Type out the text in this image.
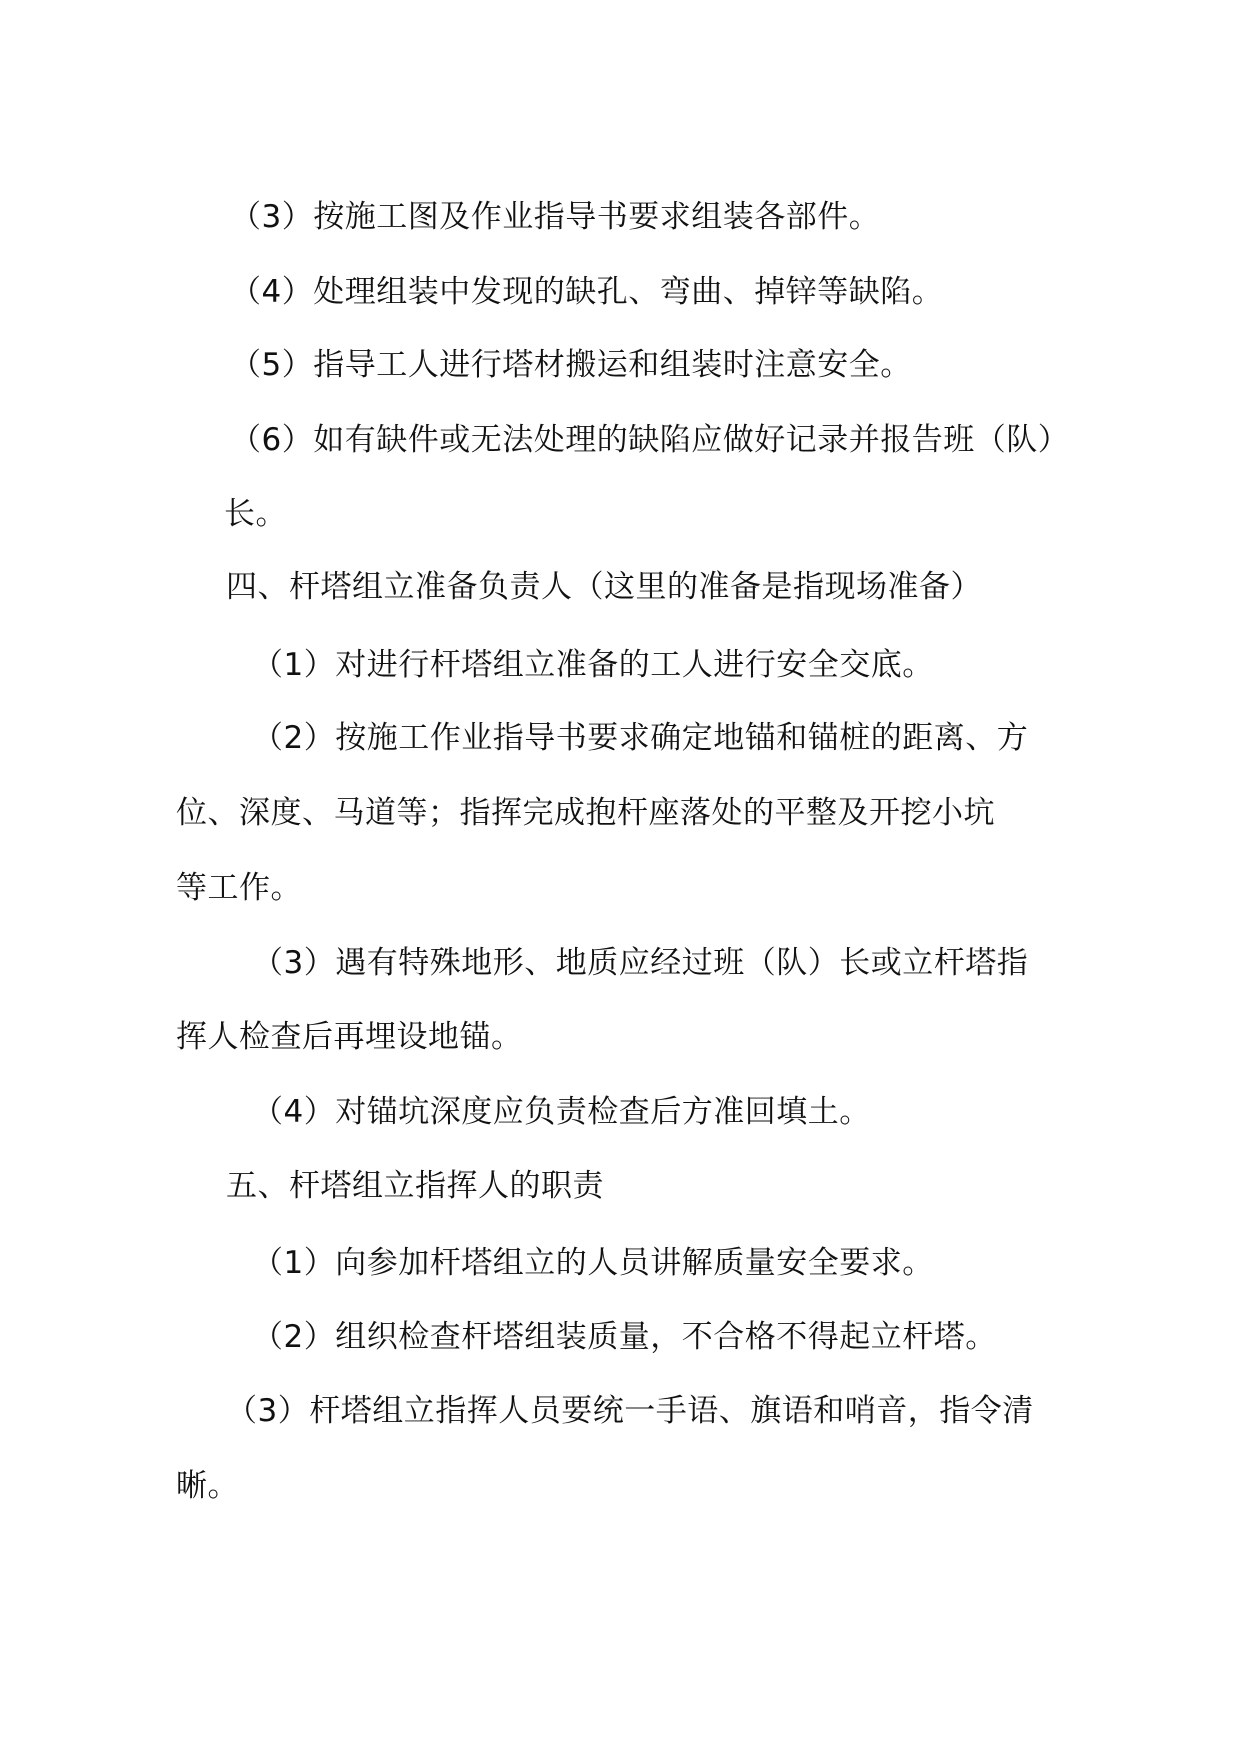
（3）按施工图及作业指导书要求组装各部件。
（4）处理组装中发现的缺孔、弯曲、掉锌等缺陷。
（5）指导工人进行塔材搬运和组装时注意安全。
（6）如有缺件或无法处理的缺陷应做好记录并报告班（队）
长。
四、杆塔组立准备负责人（这里的准备是指现场准备）
（1）对进行杆塔组立准备的工人进行安全交底。
（2）按施工作业指导书要求确定地锚和锚桩的距离、方
位、深度、马道等；指挥完成抱杆座落处的平整及开挖小坑
等工作。
（3）遇有特殊地形、地质应经过班（队）长或立杆塔指
挥人检查后再埋设地锚。
（4）对锚坑深度应负责检查后方准回填土。
五、杆塔组立指挥人的职责
（1）向参加杆塔组立的人员讲解质量安全要求。
（2）组织检查杆塔组装质量，不合格不得起立杆塔。
（3）杆塔组立指挥人员要统一手语、旗语和哨音，指令清
晰。
